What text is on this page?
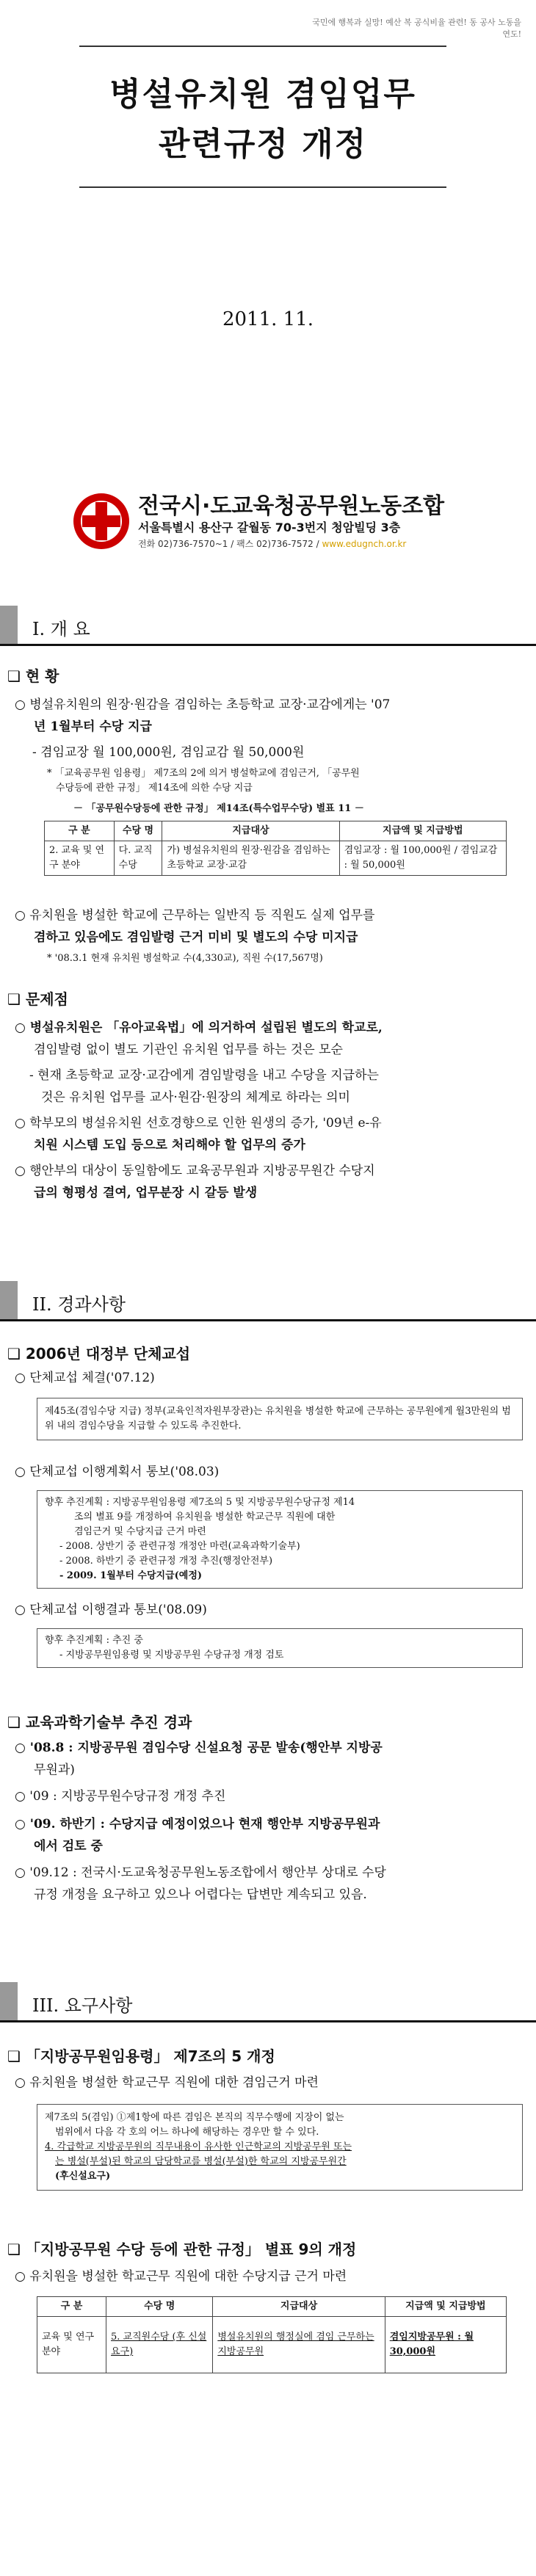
국민에 행복과 실망! 예산 복 공식비율 관련! 동 공사 노동을 연도!
병설유치원 겸임업무
관련규정 개정
2011. 11.
전국시·도교육청공무원노동조합
서울특별시 용산구 갈월동 70-3번지 청암빌딩 3층
전화 02)736-7570~1 / 팩스 02)736-7572 / www.edugnch.or.kr
I. 개 요
❑ 현 황
○ 병설유치원의 원장·원감을 겸임하는 초등학교 교장·교감에게는 '07
년 1월부터 수당 지급
- 겸임교장 월 100,000원, 겸임교감 월 50,000원
* 「교육공무원 임용령」 제7조의 2에 의거 병설학교에 겸임근거, 「공무원
수당등에 관한 규정」 제14조에 의한 수당 지급
－ 「공무원수당등에 관한 규정」 제14조(특수업무수당) 별표 11 －
구 분	수당 명	지급대상	지급액 및 지급방법
2. 교육 및 연구 분야	다. 교직수당	가) 병설유치원의 원장·원감을 겸임하는 초등학교 교장·교감	겸임교장 : 월 100,000원 / 겸임교감 : 월 50,000원
○ 유치원을 병설한 학교에 근무하는 일반직 등 직원도 실제 업무를
겸하고 있음에도 겸임발령 근거 미비 및 별도의 수당 미지급
* '08.3.1 현재 유치원 병설학교 수(4,330교), 직원 수(17,567명)
❑ 문제점
○ 병설유치원은 「유아교육법」에 의거하여 설립된 별도의 학교로,
겸임발령 없이 별도 기관인 유치원 업무를 하는 것은 모순
- 현재 초등학교 교장·교감에게 겸임발령을 내고 수당을 지급하는
것은 유치원 업무를 교사·원감·원장의 체계로 하라는 의미
○ 학부모의 병설유치원 선호경향으로 인한 원생의 증가, '09년 e-유
치원 시스템 도입 등으로 처리해야 할 업무의 증가
○ 행안부의 대상이 동일함에도 교육공무원과 지방공무원간 수당지
급의 형평성 결여, 업무분장 시 갈등 발생
II. 경과사항
❑ 2006년 대정부 단체교섭
○ 단체교섭 체결('07.12)
제45조(겸임수당 지급) 정부(교육인적자원부장관)는 유치원을 병설한 학교에 근무하는 공무원에게 월3만원의 범위 내의 겸임수당을 지급할 수 있도록 추진한다.
○ 단체교섭 이행계획서 통보('08.03)
향후 추진계획 : 지방공무원임용령 제7조의 5 및 지방공무원수당규정 제14
조의 별표 9를 개정하여 유치원을 병설한 학교근무 직원에 대한
겸임근거 및 수당지급 근거 마련
- 2008. 상반기 중 관련규정 개정안 마련(교육과학기술부)
- 2008. 하반기 중 관련규정 개정 추진(행정안전부)
- 2009. 1월부터 수당지급(예정)
○ 단체교섭 이행결과 통보('08.09)
향후 추진계획 : 추진 중
- 지방공무원임용령 및 지방공무원 수당규정 개정 검토
❑ 교육과학기술부 추진 경과
○ '08.8 : 지방공무원 겸임수당 신설요청 공문 발송(행안부 지방공
무원과)
○ '09 : 지방공무원수당규정 개정 추진
○ '09. 하반기 : 수당지급 예정이었으나 현재 행안부 지방공무원과
에서 검토 중
○ '09.12 : 전국시·도교육청공무원노동조합에서 행안부 상대로 수당
규정 개정을 요구하고 있으나 어렵다는 답변만 계속되고 있음.
III. 요구사항
❑ 「지방공무원임용령」 제7조의 5 개정
○ 유치원을 병설한 학교근무 직원에 대한 겸임근거 마련
제7조의 5(겸임) ①제1항에 따른 겸임은 본직의 직무수행에 지장이 없는
범위에서 다음 각 호의 어느 하나에 해당하는 경우만 할 수 있다.
4. 각급학교 지방공무원의 직무내용이 유사한 인근학교의 지방공무원 또는
는 병설(부설)된 학교의 담당학교를 병설(부설)한 학교의 지방공무원간
(후신설요구)
❑ 「지방공무원 수당 등에 관한 규정」 별표 9의 개정
○ 유치원을 병설한 학교근무 직원에 대한 수당지급 근거 마련
구 분	수당 명	지급대상	지급액 및 지급방법
교육 및 연구 분야	5. 교직원수당 (후 신설 요구)	병설유치원의 행정실에 겸임 근무하는 지방공무원	겸임지방공무원 : 월 30,000원
